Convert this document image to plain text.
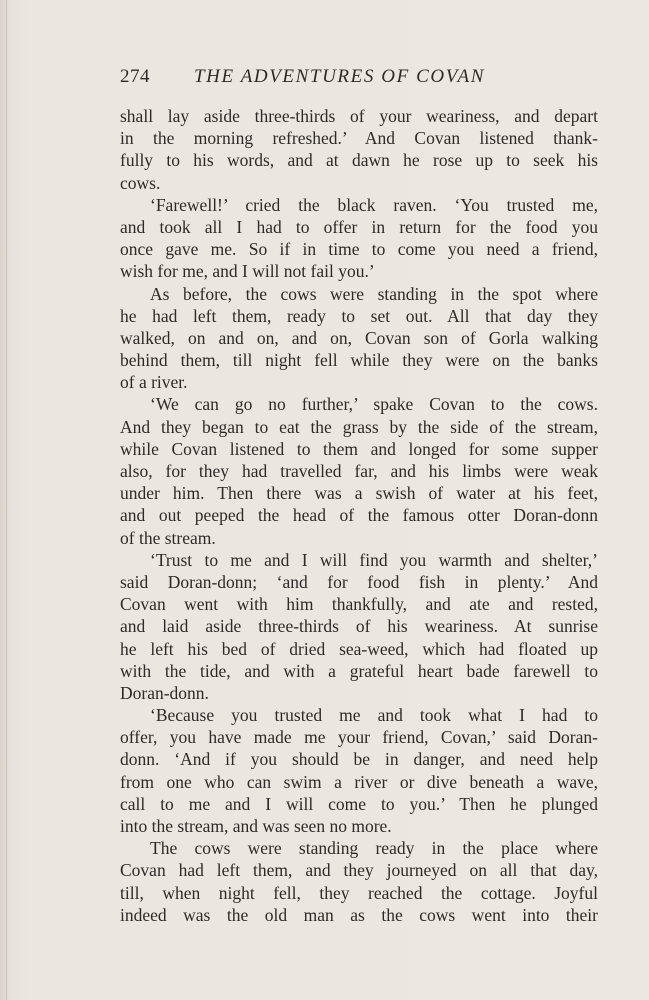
274 THE ADVENTURES OF COVAN
shall lay aside three-thirds of your weariness, and depart
in the morning refreshed.’ And Covan listened thank-
fully to his words, and at dawn he rose up to seek his
cows.
‘Farewell!’ cried the black raven. ‘You trusted me,
and took all I had to offer in return for the food you
once gave me. So if in time to come you need a friend,
wish for me, and I will not fail you.’
As before, the cows were standing in the spot where
he had left them, ready to set out. All that day they
walked, on and on, and on, Covan son of Gorla walking
behind them, till night fell while they were on the banks
of a river.
‘We can go no further,’ spake Covan to the cows.
And they began to eat the grass by the side of the stream,
while Covan listened to them and longed for some supper
also, for they had travelled far, and his limbs were weak
under him. Then there was a swish of water at his feet,
and out peeped the head of the famous otter Doran-donn
of the stream.
‘Trust to me and I will find you warmth and shelter,’
said Doran-donn; ‘and for food fish in plenty.’ And
Covan went with him thankfully, and ate and rested,
and laid aside three-thirds of his weariness. At sunrise
he left his bed of dried sea-weed, which had floated up
with the tide, and with a grateful heart bade farewell to
Doran-donn.
‘Because you trusted me and took what I had to
offer, you have made me your friend, Covan,’ said Doran-
donn. ‘And if you should be in danger, and need help
from one who can swim a river or dive beneath a wave,
call to me and I will come to you.’ Then he plunged
into the stream, and was seen no more.
The cows were standing ready in the place where
Covan had left them, and they journeyed on all that day,
till, when night fell, they reached the cottage. Joyful
indeed was the old man as the cows went into their
